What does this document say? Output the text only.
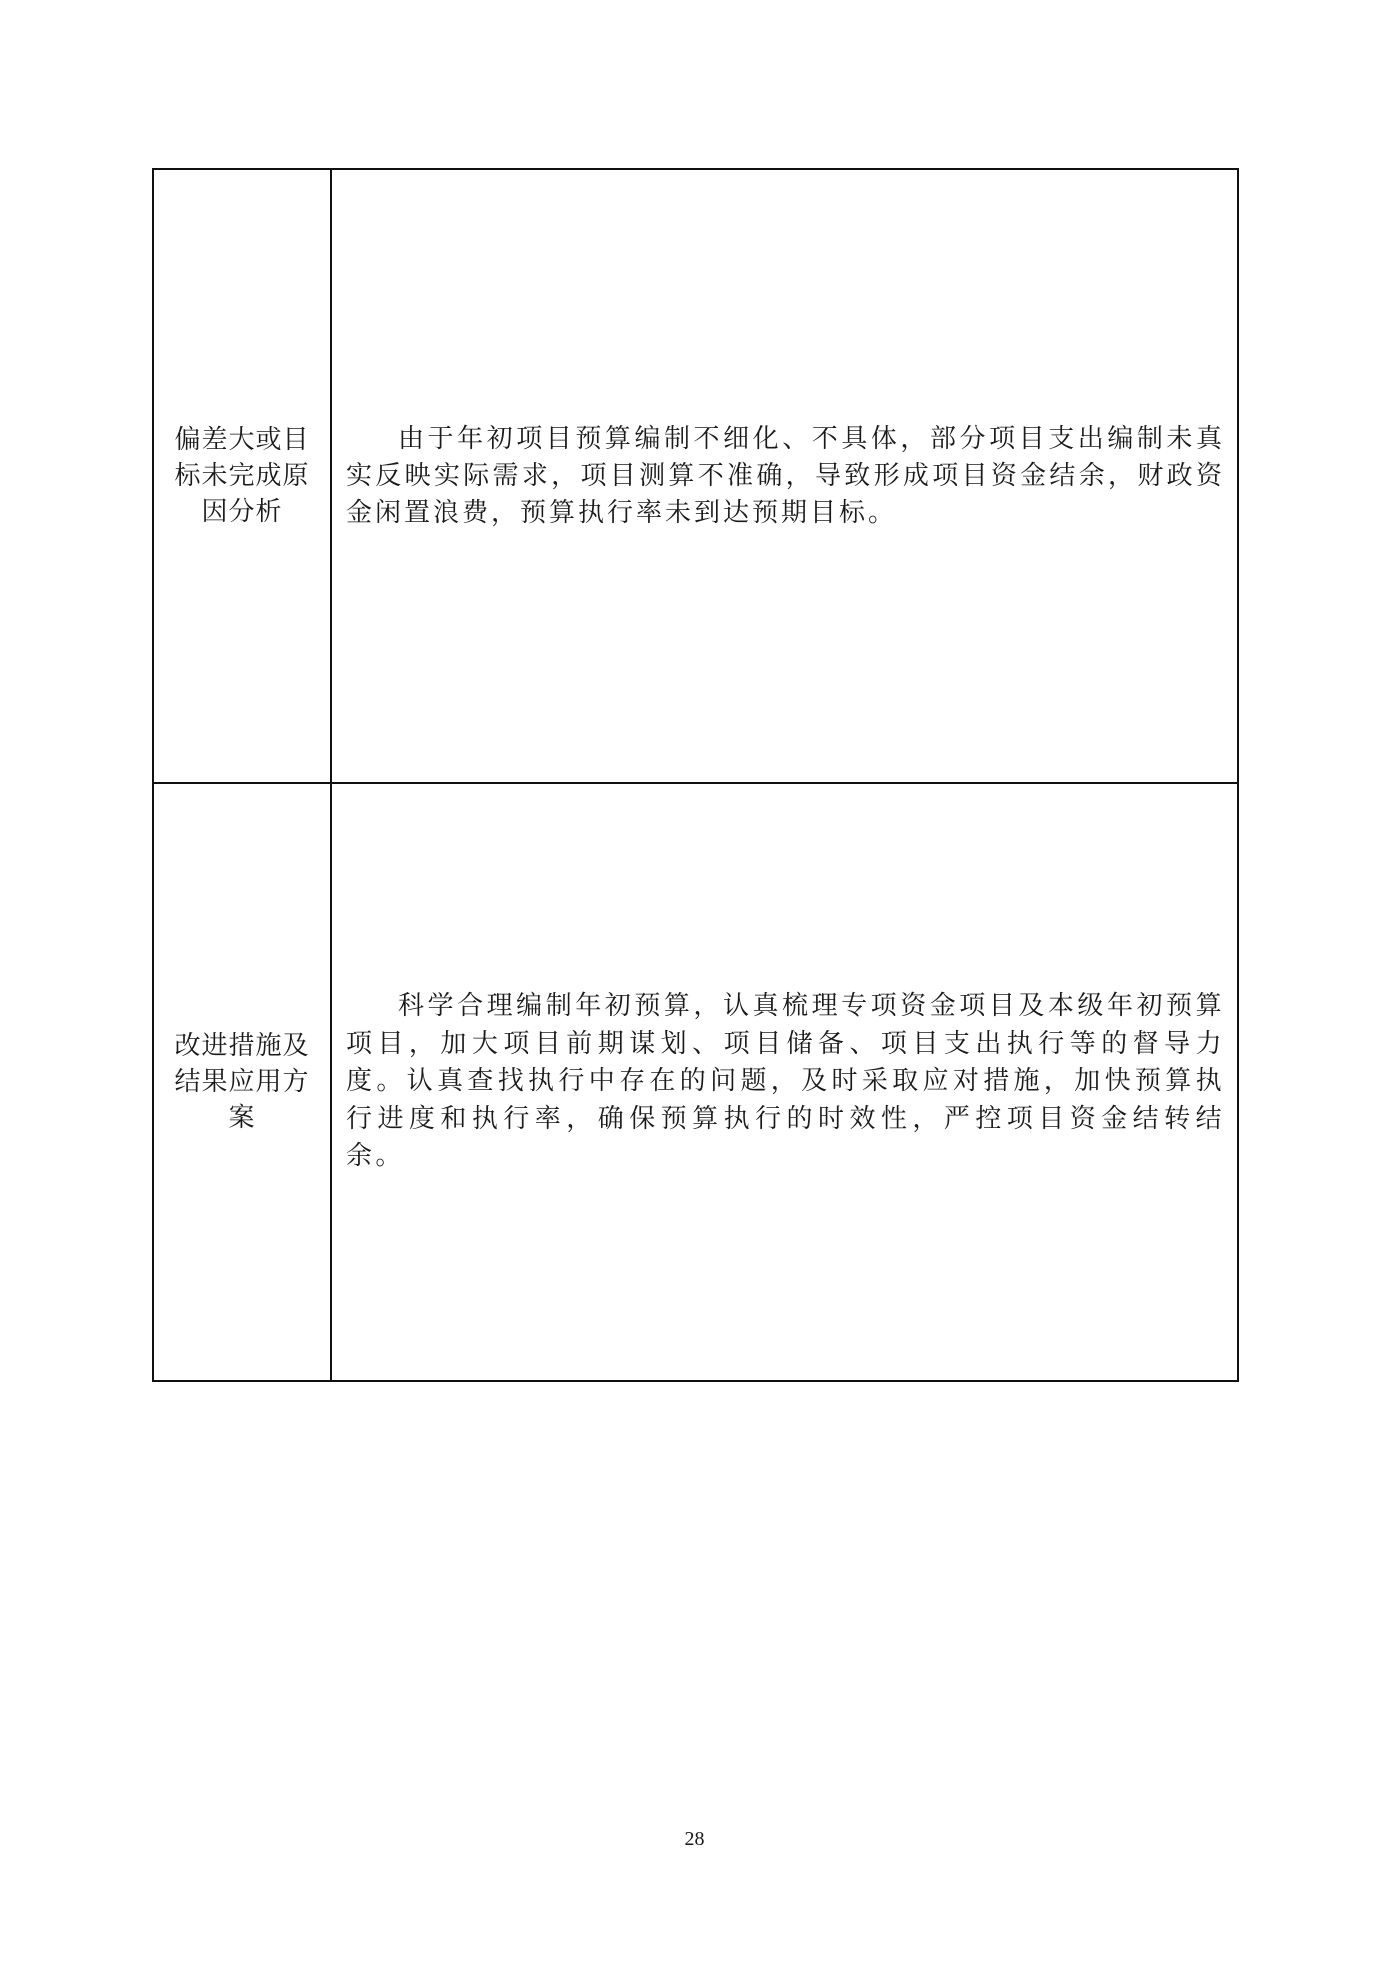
偏差大或目标未完成原因分析

由于年初项目预算编制不细化、不具体，部分项目支出编制未真实反映实际需求，项目测算不准确，导致形成项目资金结余，财政资金闲置浪费，预算执行率未到达预期目标。

改进措施及结果应用方案

科学合理编制年初预算，认真梳理专项资金项目及本级年初预算项目，加大项目前期谋划、项目储备、项目支出执行等的督导力度。认真查找执行中存在的问题，及时采取应对措施，加快预算执行进度和执行率，确保预算执行的时效性，严控项目资金结转结余。

28
